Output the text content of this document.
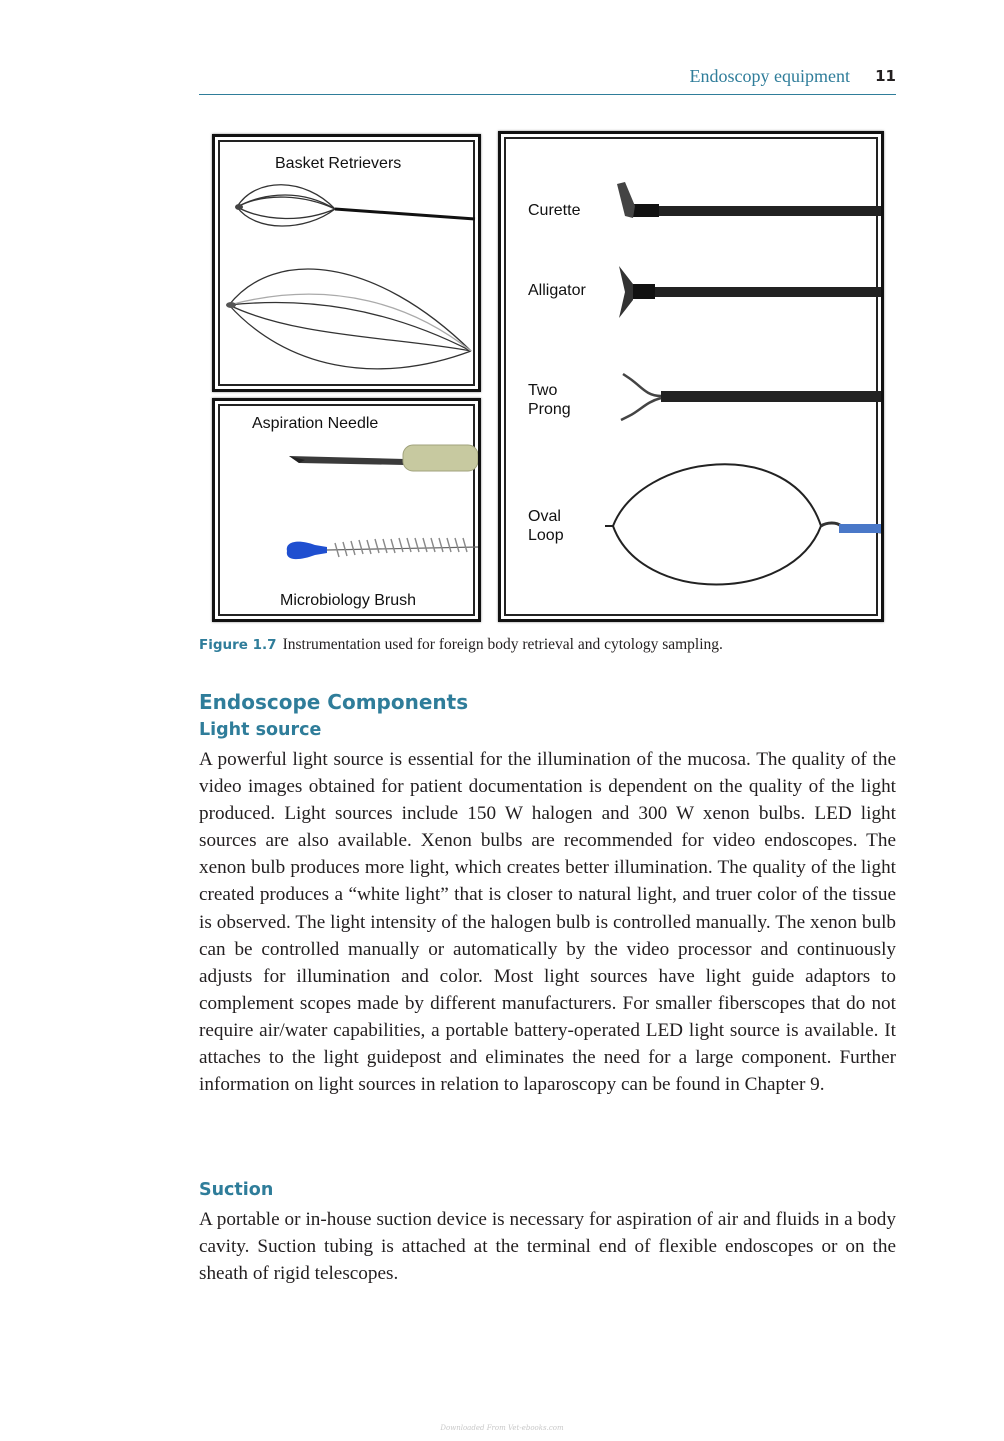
Endoscopy equipment 11
Basket Retrievers
Aspiration Needle
Microbiology Brush
Curette
Alligator
Two
Prong
Oval
Loop
Figure 1.7 Instrumentation used for foreign body retrieval and cytology sampling.
Endoscope Components
Light source

A powerful light source is essential for the illumination of the mucosa. The quality of the video images obtained for patient documentation is dependent on the quality of the light produced. Light sources include 150 W halogen and 300 W xenon bulbs. LED light sources are also available. Xenon bulbs are recommended for video endoscopes. The xenon bulb produces more light, which creates better illumination. The quality of the light created produces a “white light” that is closer to natural light, and truer color of the tissue is observed. The light intensity of the halogen bulb is controlled manually. The xenon bulb can be controlled manually or automatically by the video processor and continuously adjusts for illumination and color. Most light sources have light guide adaptors to complement scopes made by different manufacturers. For smaller fiberscopes that do not require air/water capabilities, a portable battery-operated LED light source is available. It attaches to the light guidepost and eliminates the need for a large component. Further information on light sources in relation to laparoscopy can be found in Chapter 9.

Suction

A portable or in-house suction device is necessary for aspiration of air and fluids in a body cavity. Suction tubing is attached at the terminal end of flexible endoscopes or on the sheath of rigid telescopes.

Downloaded From Vet-ebooks.com
